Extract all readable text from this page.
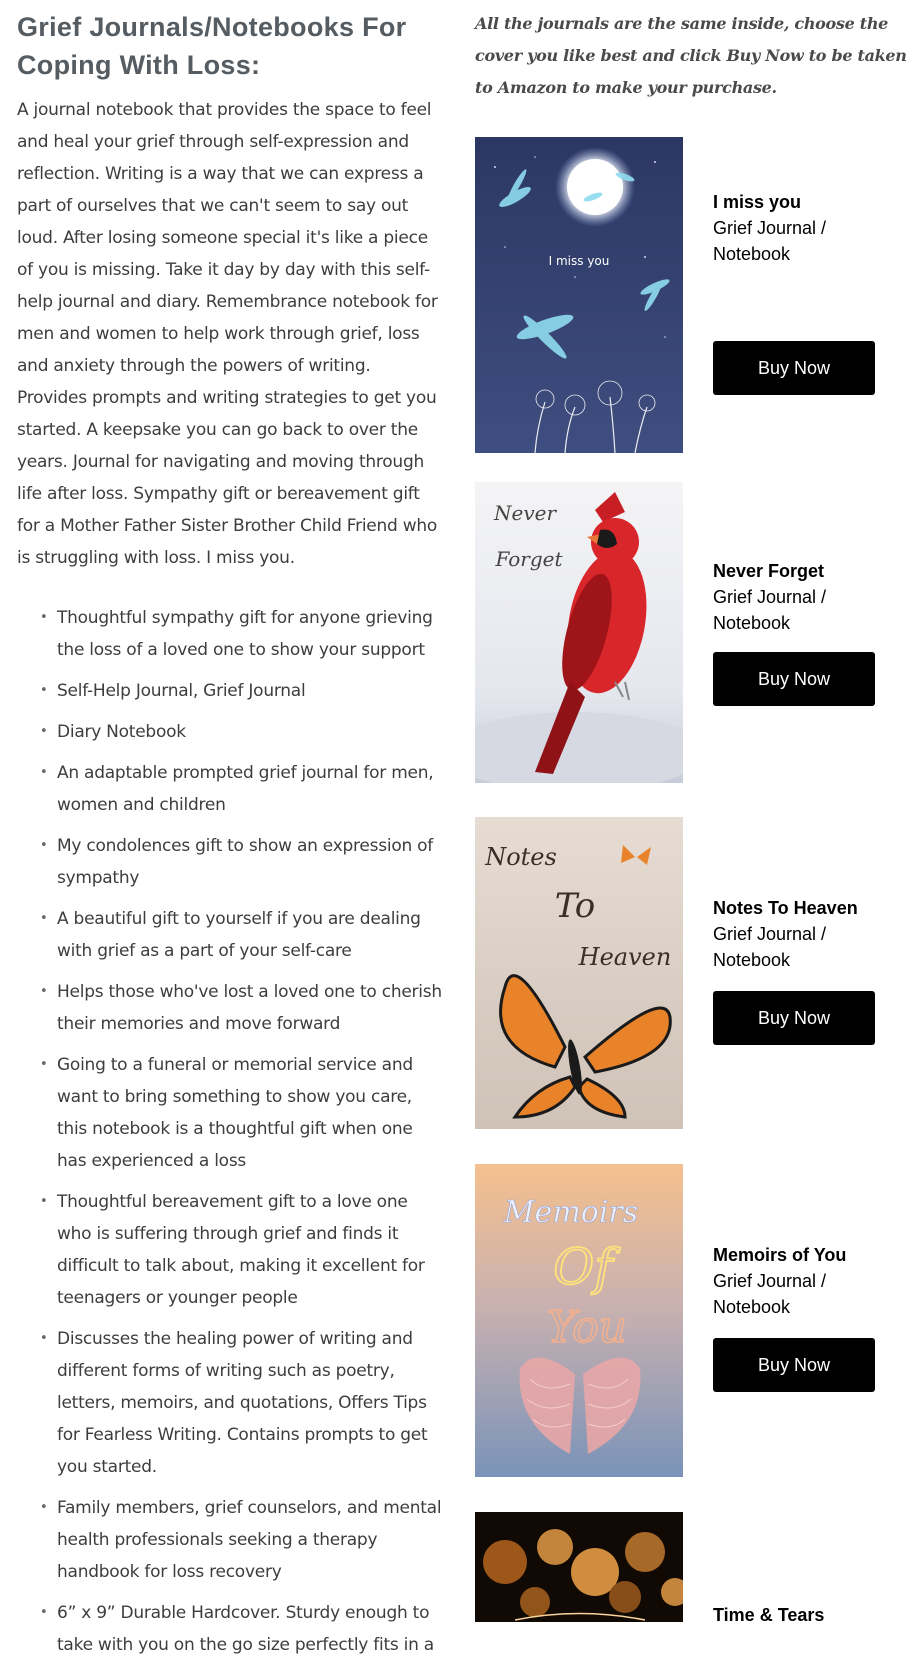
Grief Journals/Notebooks For Coping With Loss:

A journal notebook that provides the space to feel and heal your grief through self-expression and reflection. Writing is a way that we can express a part of ourselves that we can't seem to say out loud. After losing someone special it's like a piece of you is missing. Take it day by day with this self-help journal and diary. Remembrance notebook for men and women to help work through grief, loss and anxiety through the powers of writing. Provides prompts and writing strategies to get you started. A keepsake you can go back to over the years. Journal for navigating and moving through life after loss. Sympathy gift or bereavement gift for a Mother Father Sister Brother Child Friend who is struggling with loss. I miss you.

• Thoughtful sympathy gift for anyone grieving the loss of a loved one to show your support
• Self-Help Journal, Grief Journal
• Diary Notebook
• An adaptable prompted grief journal for men, women and children
• My condolences gift to show an expression of sympathy
• A beautiful gift to yourself if you are dealing with grief as a part of your self-care
• Helps those who've lost a loved one to cherish their memories and move forward
• Going to a funeral or memorial service and want to bring something to show you care, this notebook is a thoughtful gift when one has experienced a loss
• Thoughtful bereavement gift to a love one who is suffering through grief and finds it difficult to talk about, making it excellent for teenagers or younger people
• Discusses the healing power of writing and different forms of writing such as poetry, letters, memoirs, and quotations, Offers Tips for Fearless Writing. Contains prompts to get you started.
• Family members, grief counselors, and mental health professionals seeking a therapy handbook for loss recovery
• 6” x 9” Durable Hardcover. Sturdy enough to take with you on the go size perfectly fits in a

All the journals are the same inside, choose the cover you like best and click Buy Now to be taken to Amazon to make your purchase.

I miss you
I miss you
Grief Journal / Notebook
Buy Now
Never
Forget	Never Forget
Grief Journal / Notebook
Buy Now
Notes
To
Heaven
Notes To Heaven
Grief Journal / Notebook
Buy Now
Memoirs
Of
You
Memoirs of You
Grief Journal / Notebook
Buy Now
Time & Tears
